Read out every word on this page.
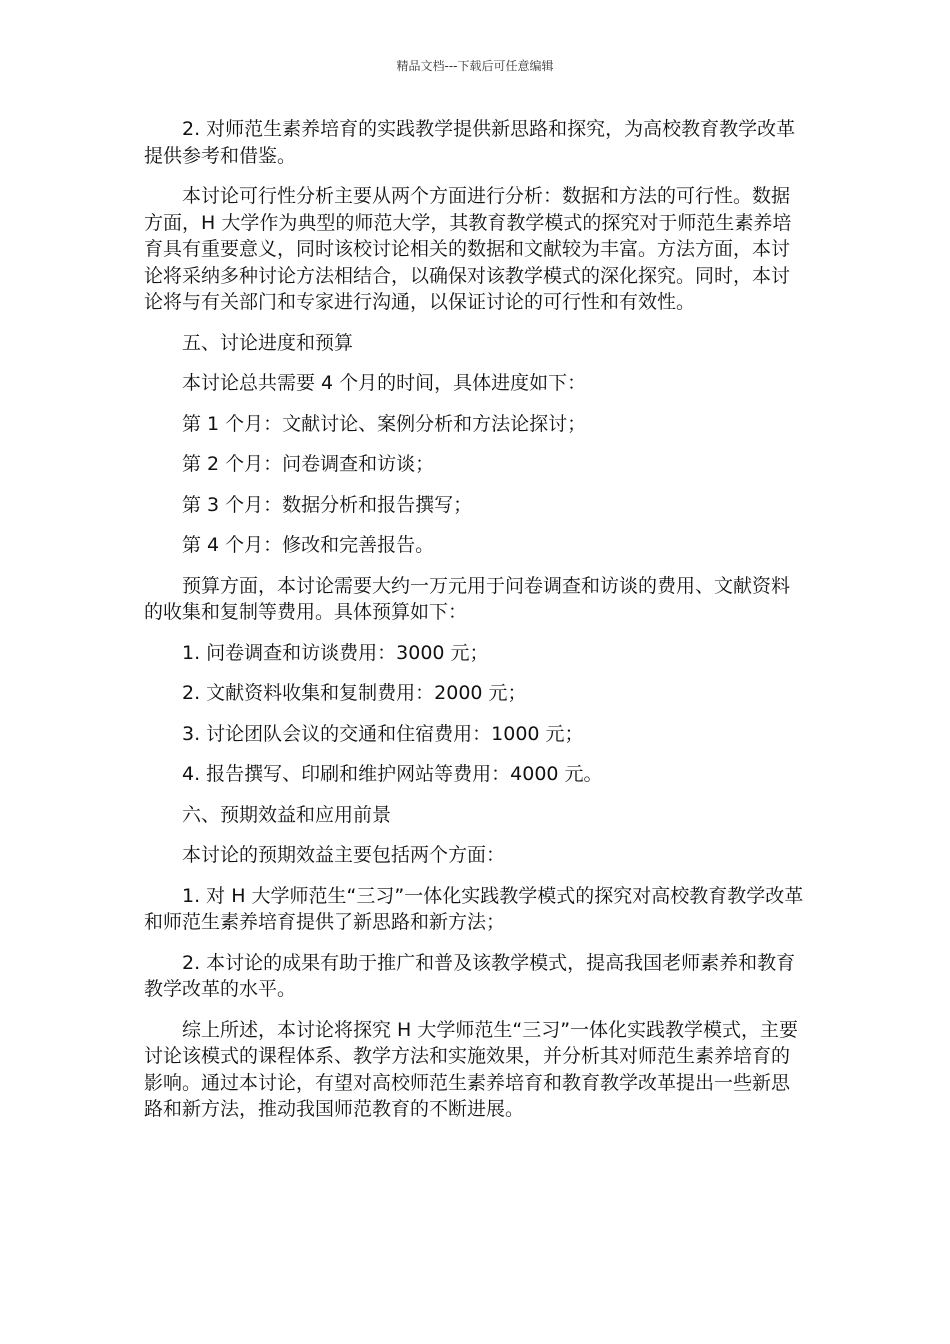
精品文档---下载后可任意编辑

2. 对师范生素养培育的实践教学提供新思路和探究，为高校教育教学改革提供参考和借鉴。

本讨论可行性分析主要从两个方面进行分析：数据和方法的可行性。数据方面，H 大学作为典型的师范大学，其教育教学模式的探究对于师范生素养培育具有重要意义，同时该校讨论相关的数据和文献较为丰富。方法方面，本讨论将采纳多种讨论方法相结合，以确保对该教学模式的深化探究。同时，本讨论将与有关部门和专家进行沟通，以保证讨论的可行性和有效性。

五、讨论进度和预算

本讨论总共需要 4 个月的时间，具体进度如下：

第 1 个月：文献讨论、案例分析和方法论探讨；

第 2 个月：问卷调查和访谈；

第 3 个月：数据分析和报告撰写；

第 4 个月：修改和完善报告。

预算方面，本讨论需要大约一万元用于问卷调查和访谈的费用、文献资料的收集和复制等费用。具体预算如下：

1. 问卷调查和访谈费用：3000 元；

2. 文献资料收集和复制费用：2000 元；

3. 讨论团队会议的交通和住宿费用：1000 元；

4. 报告撰写、印刷和维护网站等费用：4000 元。

六、预期效益和应用前景

本讨论的预期效益主要包括两个方面：

1. 对 H 大学师范生“三习”一体化实践教学模式的探究对高校教育教学改革和师范生素养培育提供了新思路和新方法；

2. 本讨论的成果有助于推广和普及该教学模式，提高我国老师素养和教育教学改革的水平。

综上所述，本讨论将探究 H 大学师范生“三习”一体化实践教学模式，主要讨论该模式的课程体系、教学方法和实施效果，并分析其对师范生素养培育的影响。通过本讨论，有望对高校师范生素养培育和教育教学改革提出一些新思路和新方法，推动我国师范教育的不断进展。
